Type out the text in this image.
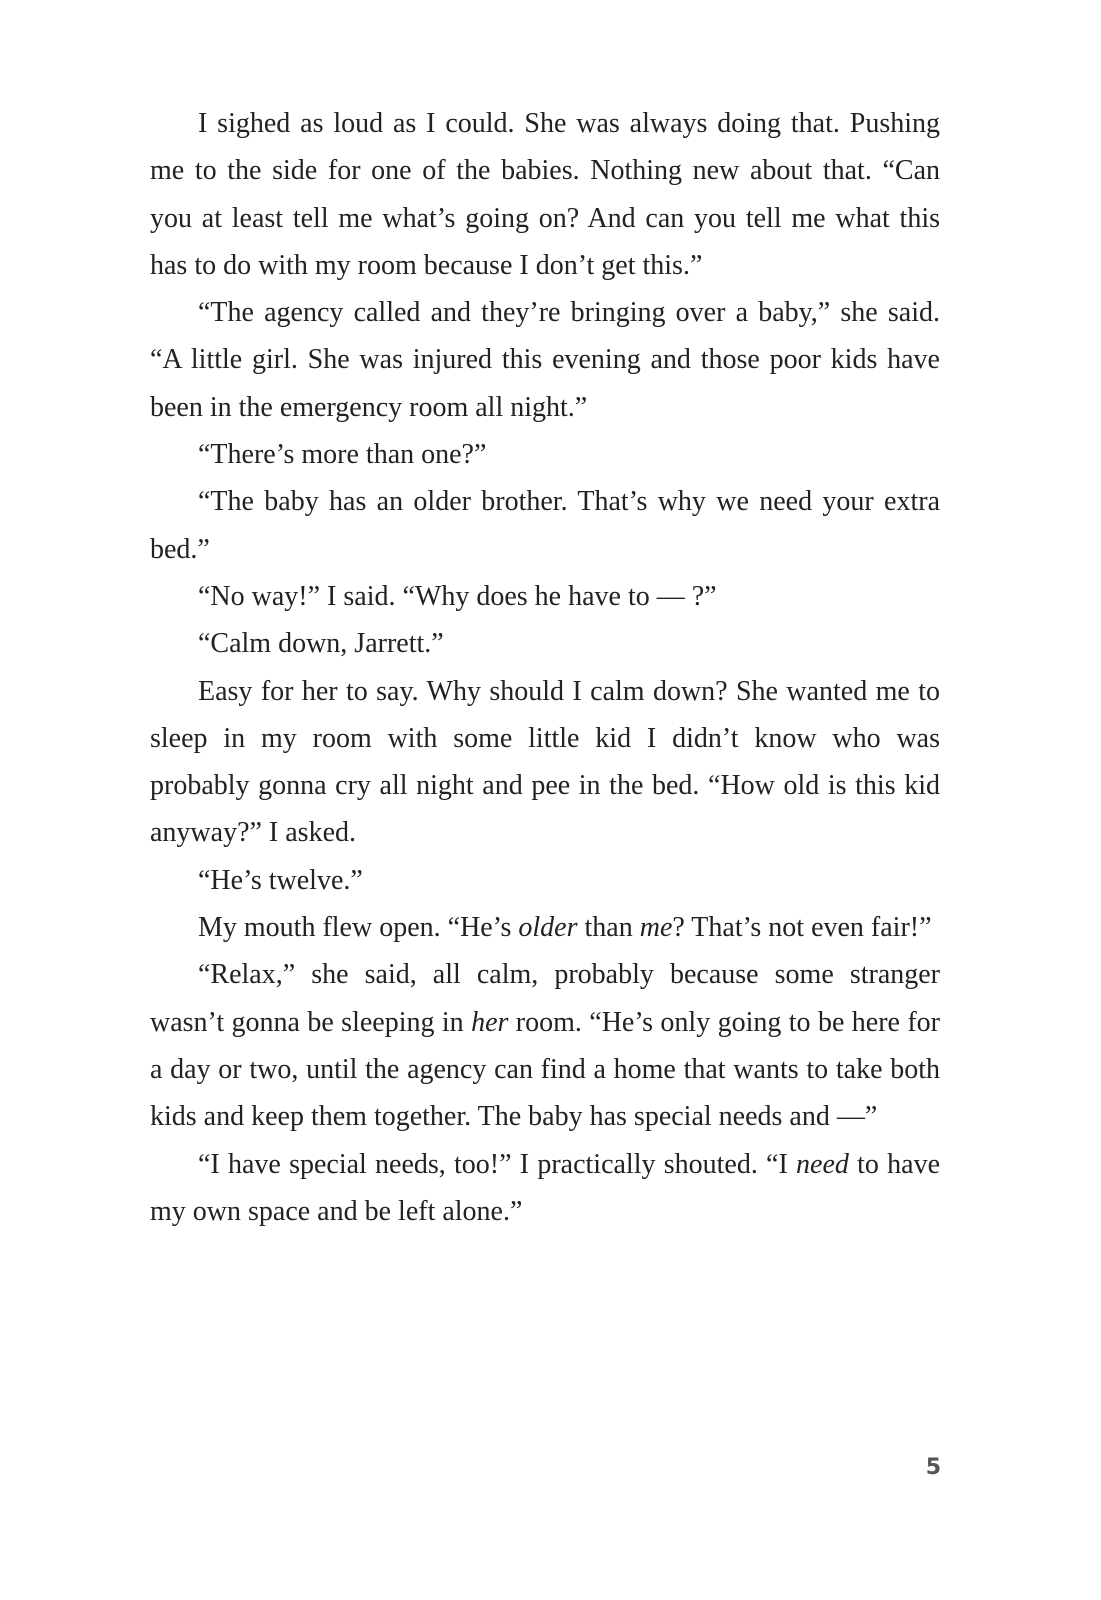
I sighed as loud as I could. She was always doing that. Pushing me to the side for one of the babies. Nothing new about that. “Can you at least tell me what’s going on? And can you tell me what this has to do with my room because I don’t get this.”

“The agency called and they’re bringing over a baby,” she said. “A little girl. She was injured this evening and those poor kids have been in the emergency room all night.”

“There’s more than one?”

“The baby has an older brother. That’s why we need your extra bed.”

“No way!” I said. “Why does he have to — ?”

“Calm down, Jarrett.”

Easy for her to say. Why should I calm down? She wanted me to sleep in my room with some little kid I didn’t know who was probably gonna cry all night and pee in the bed. “How old is this kid anyway?” I asked.

“He’s twelve.”

My mouth flew open. “He’s older than me? That’s not even fair!”

“Relax,” she said, all calm, probably because some stranger wasn’t gonna be sleeping in her room. “He’s only going to be here for a day or two, until the agency can find a home that wants to take both kids and keep them together. The baby has special needs and —”

“I have special needs, too!” I practically shouted. “I need to have my own space and be left alone.”

5
